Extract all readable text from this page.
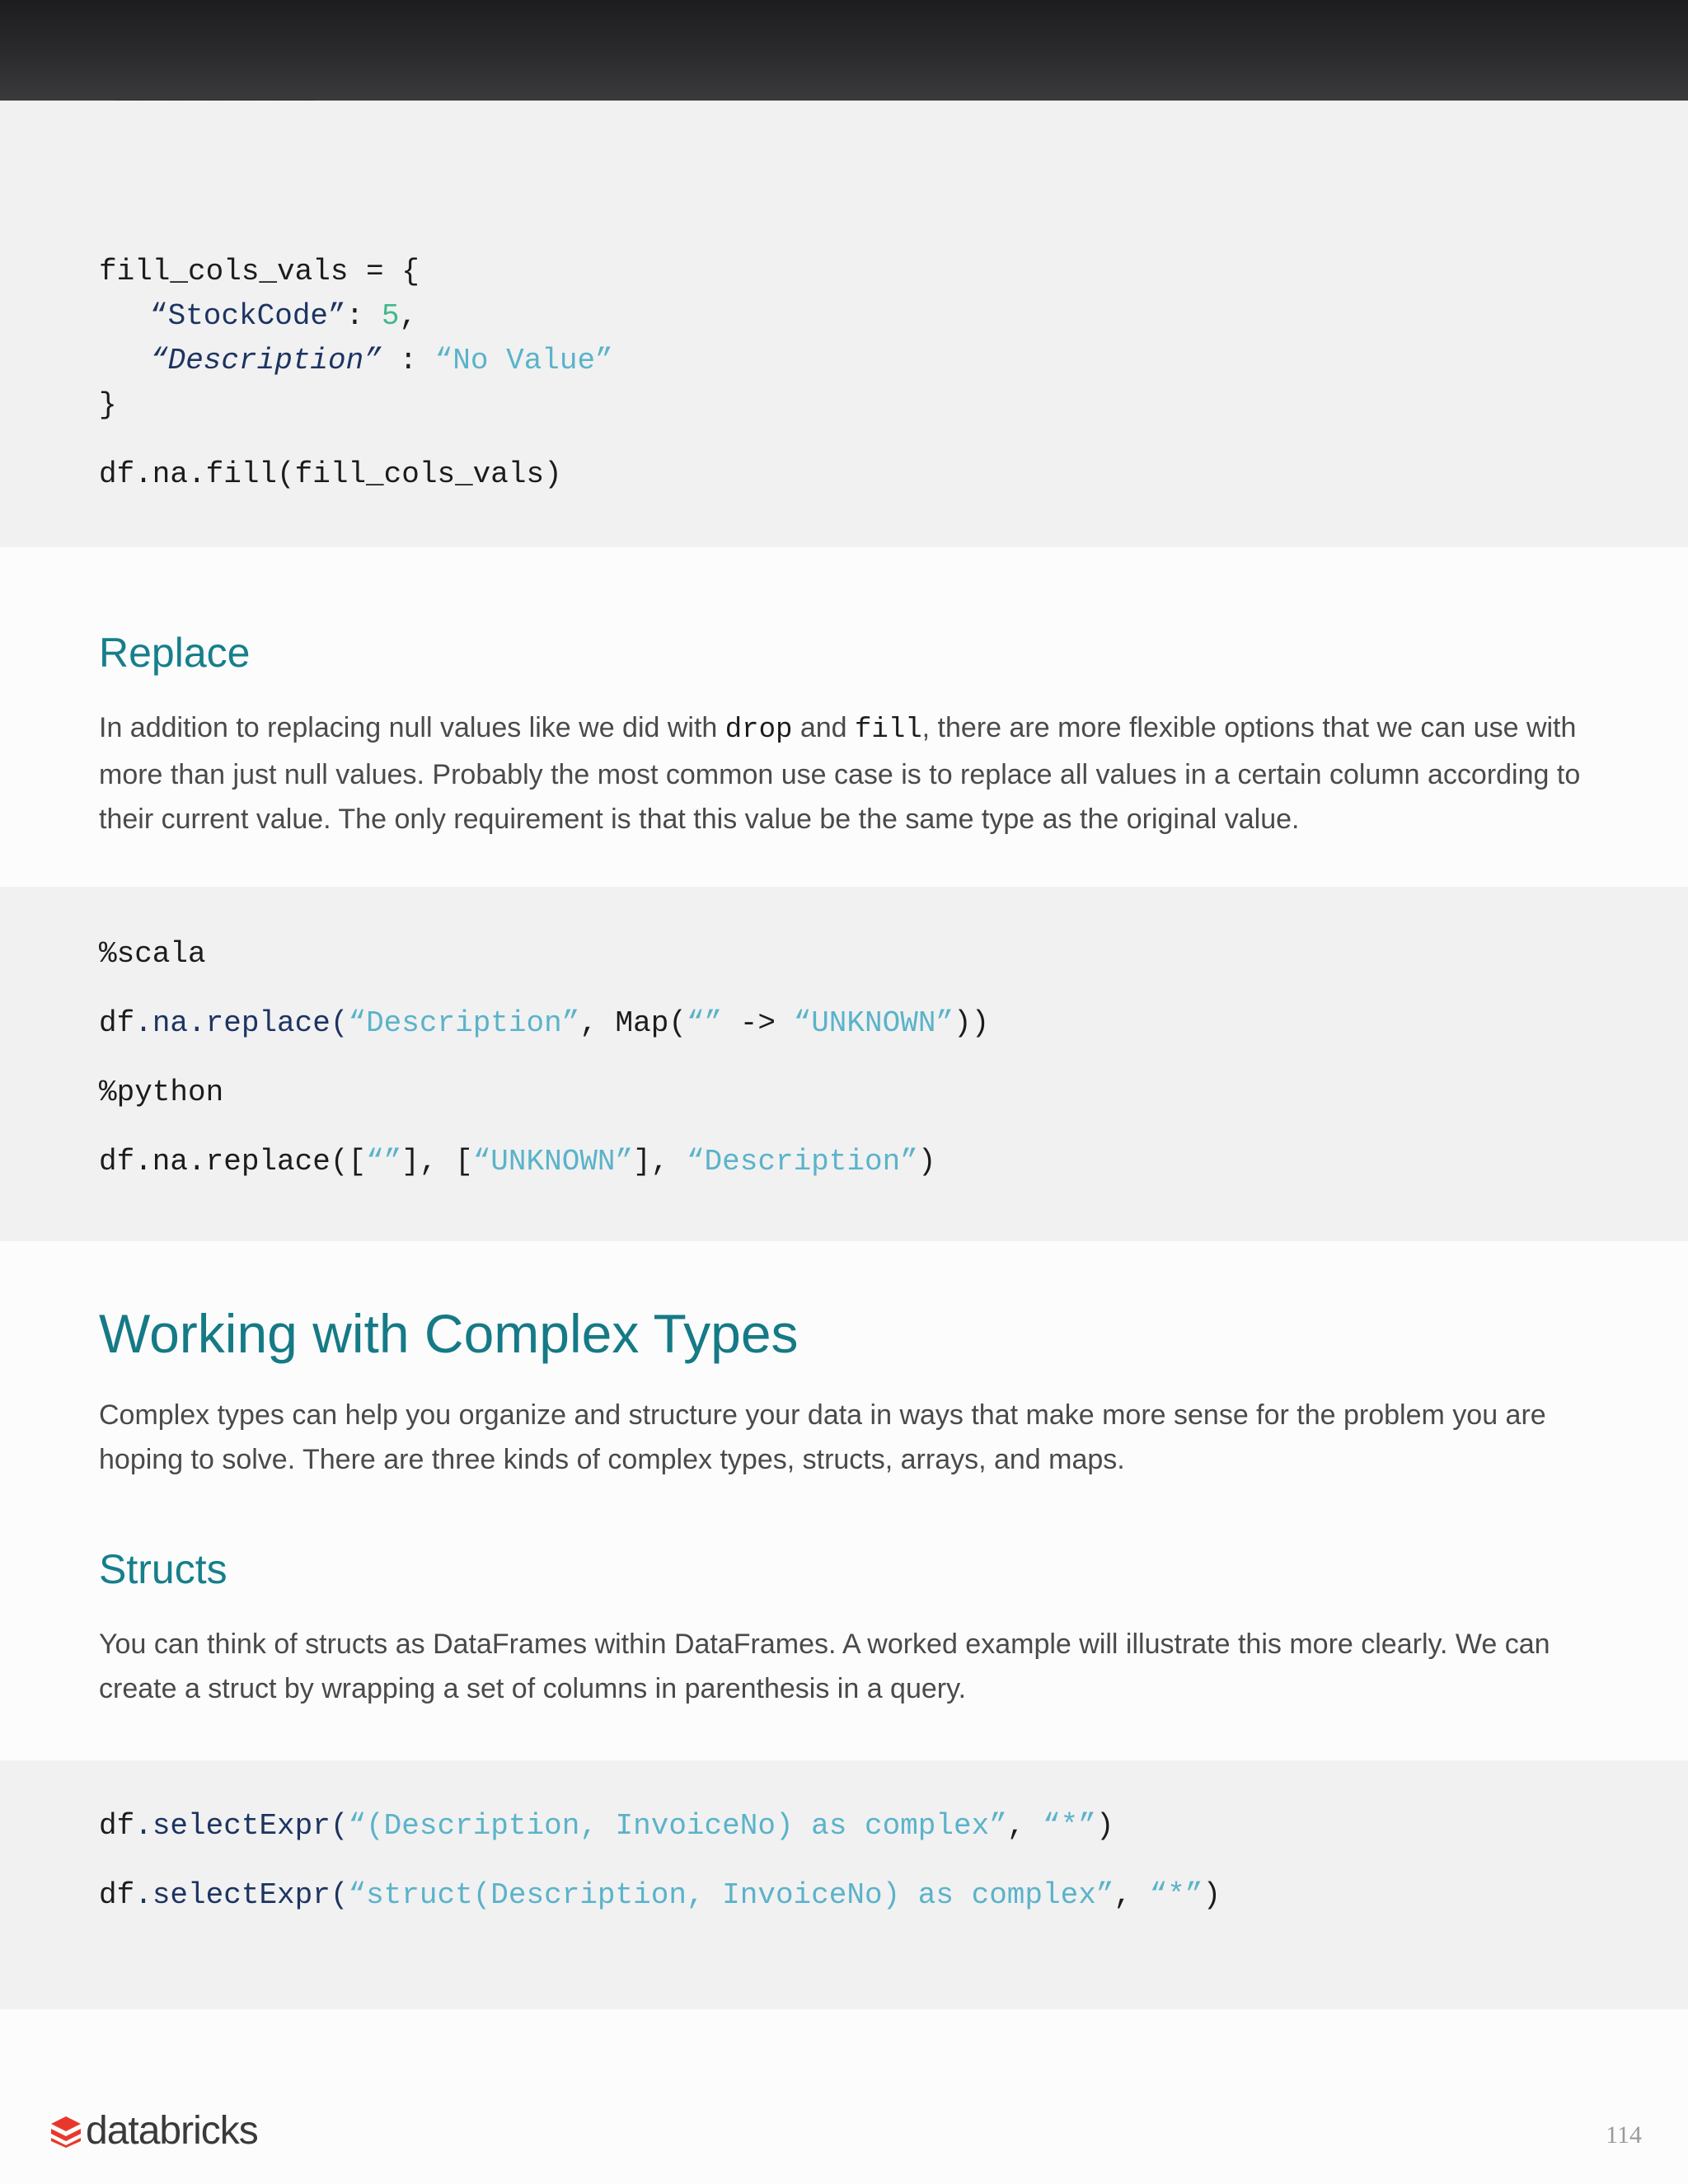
fill_cols_vals = {
“StockCode”: 5,
“Description” : “No Value”
}
df.na.fill(fill_cols_vals)
Replace

In addition to replacing null values like we did with drop and fill, there are more flexible options that we can use with more than just null values. Probably the most common use case is to replace all values in a certain column according to their current value. The only requirement is that this value be the same type as the original value.

%scala
df.na.replace(“Description”, Map(“” -> “UNKNOWN”))
%python
df.na.replace([“”], [“UNKNOWN”], “Description”)
Working with Complex Types

Complex types can help you organize and structure your data in ways that make more sense for the problem you are hoping to solve. There are three kinds of complex types, structs, arrays, and maps.

Structs

You can think of structs as DataFrames within DataFrames. A worked example will illustrate this more clearly. We can create a struct by wrapping a set of columns in parenthesis in a query.

df.selectExpr(“(Description, InvoiceNo) as complex”, “*”)
df.selectExpr(“struct(Description, InvoiceNo) as complex”, “*”)
databricks	114
